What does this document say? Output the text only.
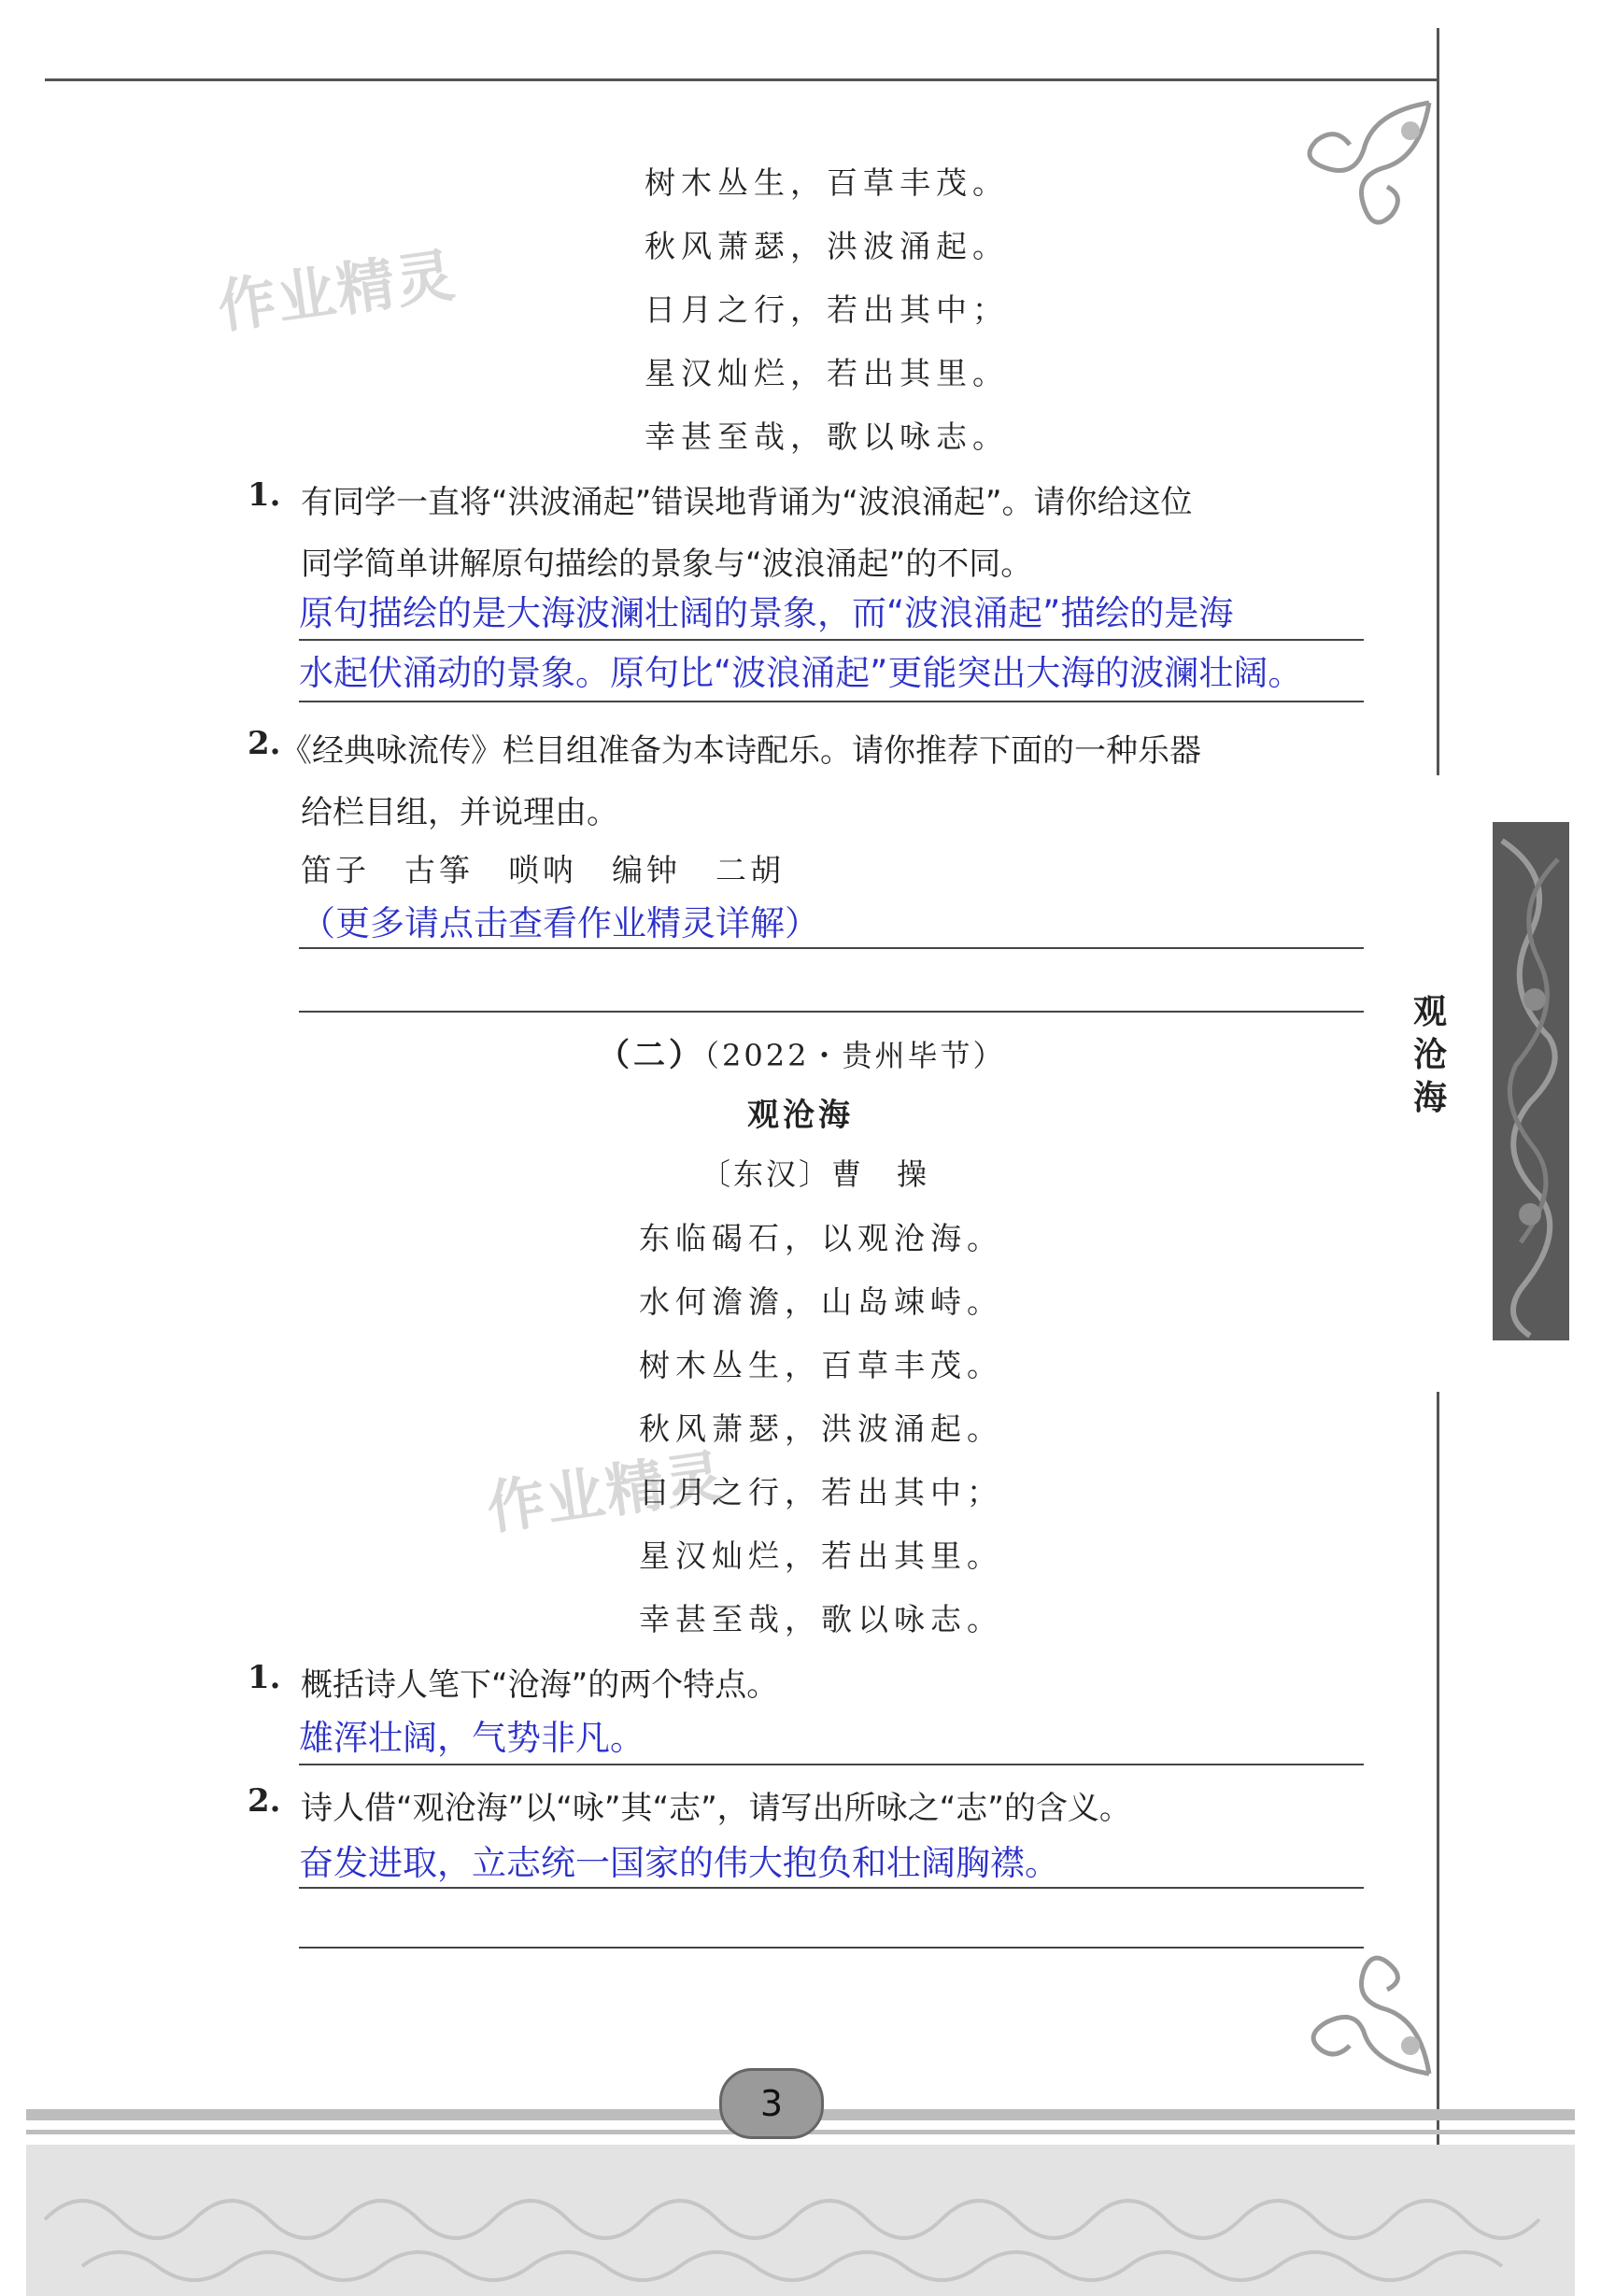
作业精灵
作业精灵
树木丛生，百草丰茂。
秋风萧瑟，洪波涌起。
日月之行，若出其中；
星汉灿烂，若出其里。
幸甚至哉，歌以咏志。
1. 有同学一直将“洪波涌起”错误地背诵为“波浪涌起”。请你给这位
同学简单讲解原句描绘的景象与“波浪涌起”的不同。
原句描绘的是大海波澜壮阔的景象，而“波浪涌起”描绘的是海
水起伏涌动的景象。原句比“波浪涌起”更能突出大海的波澜壮阔。
2. 《经典咏流传》栏目组准备为本诗配乐。请你推荐下面的一种乐器
给栏目组，并说理由。
笛子　古筝　唢呐　编钟　二胡
（更多请点击查看作业精灵详解）
（二）（2022・贵州毕节）
观沧海
〔东汉〕曹　操
东临碣石，以观沧海。
水何澹澹，山岛竦峙。
树木丛生，百草丰茂。
秋风萧瑟，洪波涌起。
日月之行，若出其中；
星汉灿烂，若出其里。
幸甚至哉，歌以咏志。
1. 概括诗人笔下“沧海”的两个特点。
雄浑壮阔，气势非凡。
2. 诗人借“观沧海”以“咏”其“志”，请写出所咏之“志”的含义。
奋发进取，立志统一国家的伟大抱负和壮阔胸襟。
观
沧
海
3
